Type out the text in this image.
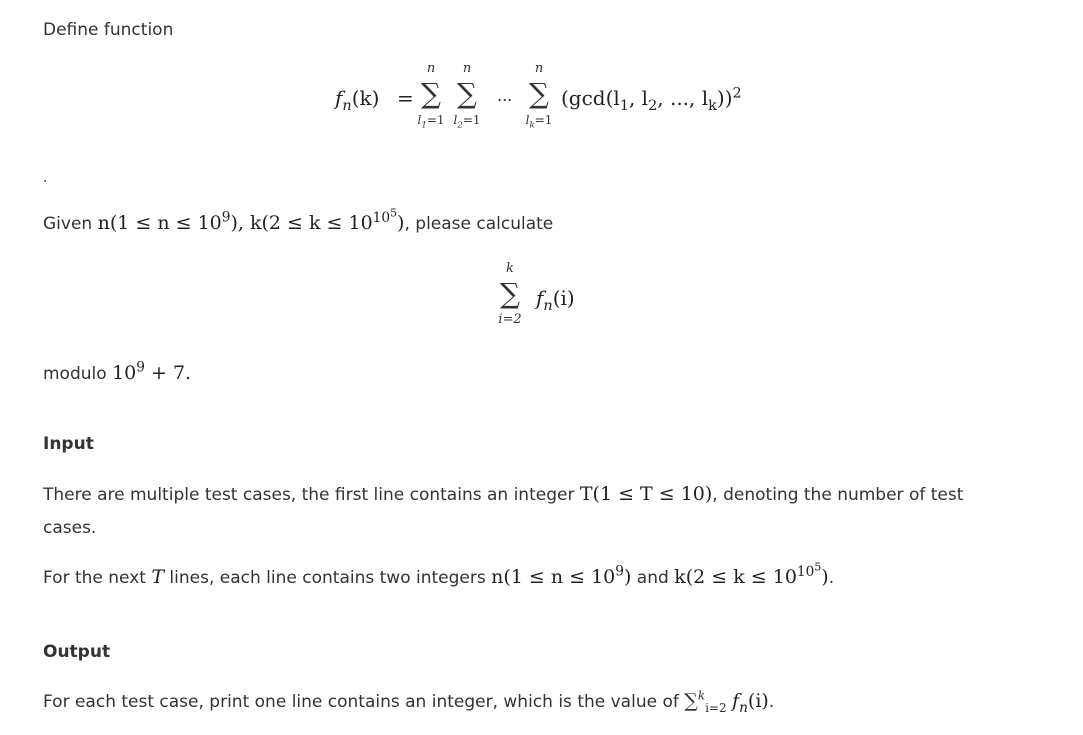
Define function
$f_n(k)$ = ∑
n
$l_1=1$
∑
n
$l_2=1$
... ∑
n
$l_k=1$
($\gcd(l_1$, $l_2$, ..., $l_k))^2$
.
Given $n(1 \le n \le 10^9)$, $k(2 \le k \le 10^{10^5})$, please calculate
∑
k
i=2
$f_n(i)$
modulo $10^9 + 7$.
Input
There are multiple test cases, the first line contains an integer T(1 ≤ T ≤ 10), denoting the number of test
cases.
For the next T lines, each line contains two integers $n(1 \le n \le 10^9)$ and $k(2 \le k \le 10^{10^5})$.
Output
For each test case, print one line contains an integer, which is the value of ∑$^k_{i=2}$ $f_n(i)$.
